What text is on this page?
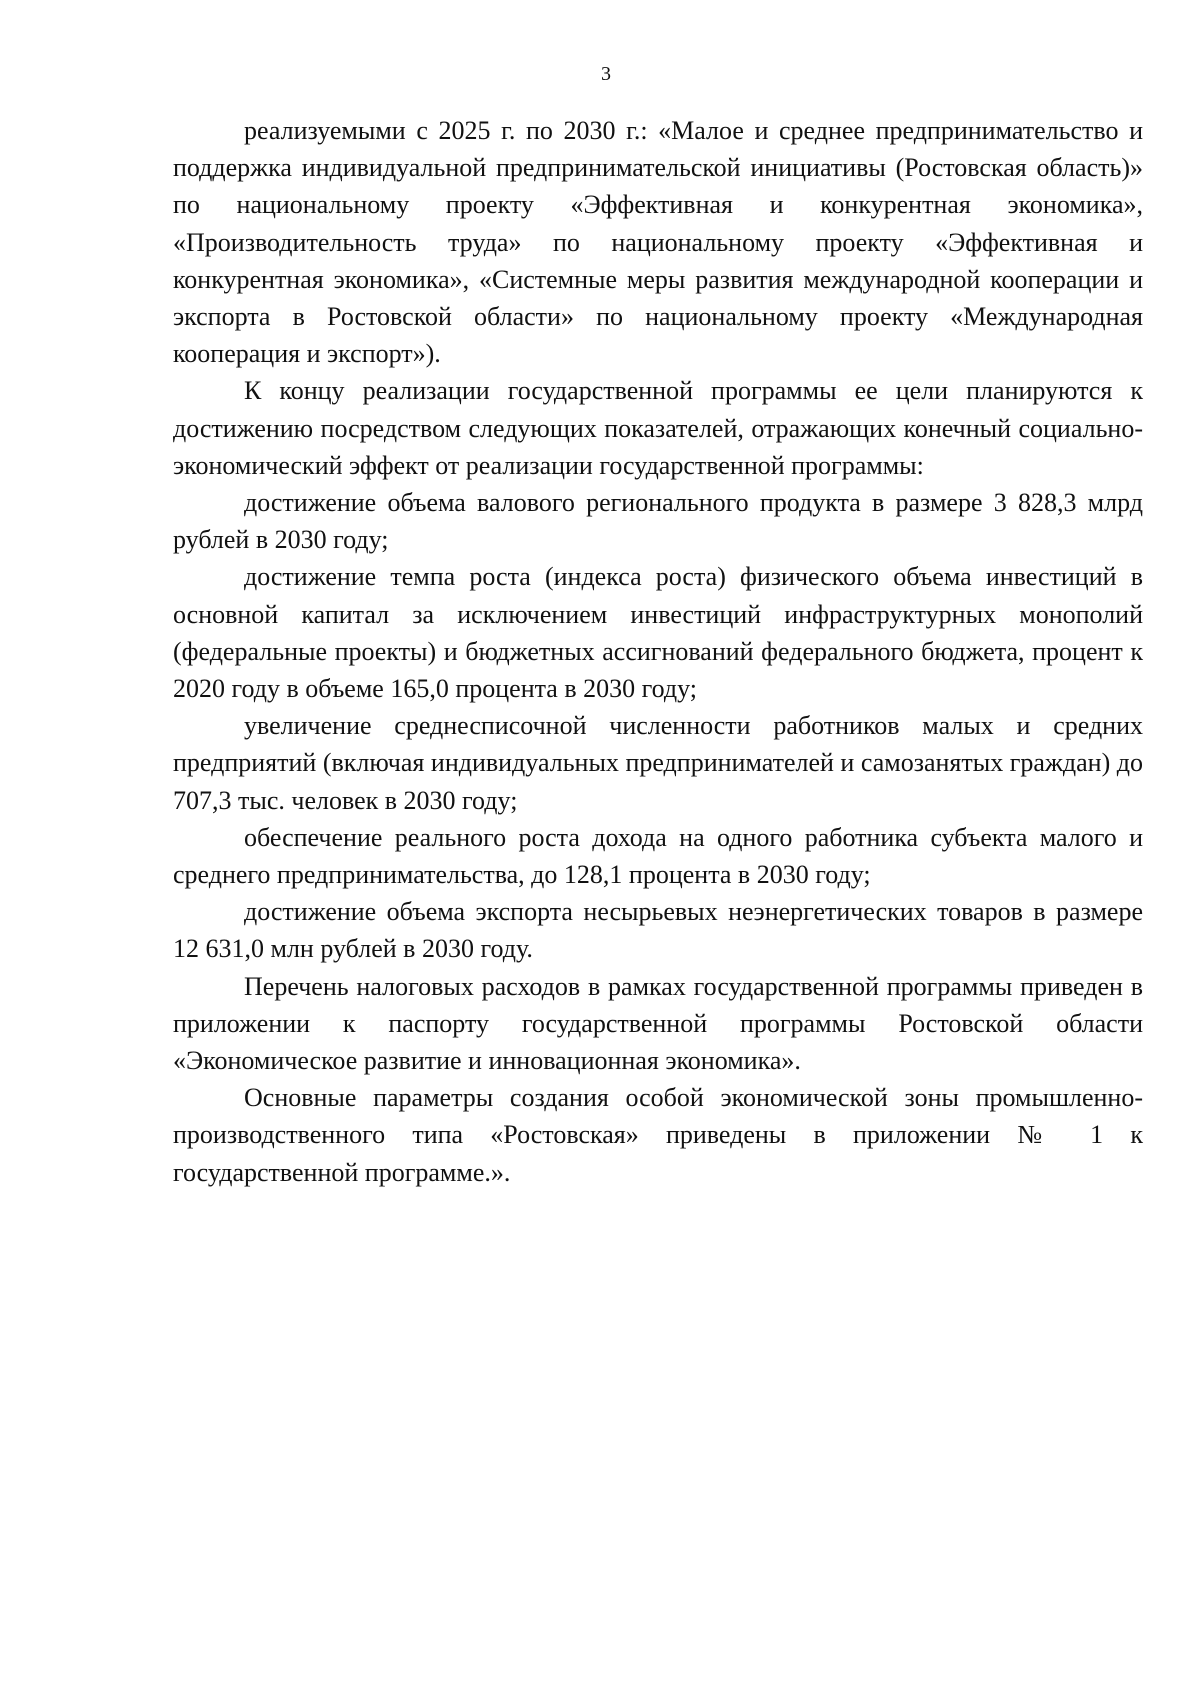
3

реализуемыми с 2025 г. по 2030 г.: «Малое и среднее предпринимательство и поддержка индивидуальной предпринимательской инициативы (Ростовская область)» по национальному проекту «Эффективная и конкурентная экономика», «Производительность труда» по национальному проекту «Эффективная и конкурентная экономика», «Системные меры развития международной кооперации и экспорта в Ростовской области» по национальному проекту «Международная кооперация и экспорт»).

К концу реализации государственной программы ее цели планируются к достижению посредством следующих показателей, отражающих конечный социально-экономический эффект от реализации государственной программы:

достижение объема валового регионального продукта в размере 3 828,3 млрд рублей в 2030 году;

достижение темпа роста (индекса роста) физического объема инвестиций в основной капитал за исключением инвестиций инфраструктурных монополий (федеральные проекты) и бюджетных ассигнований федерального бюджета, процент к 2020 году в объеме 165,0 процента в 2030 году;

увеличение среднесписочной численности работников малых и средних предприятий (включая индивидуальных предпринимателей и самозанятых граждан) до 707,3 тыс. человек в 2030 году;

обеспечение реального роста дохода на одного работника субъекта малого и среднего предпринимательства, до 128,1 процента в 2030 году;

достижение объема экспорта несырьевых неэнергетических товаров в размере 12 631,0 млн рублей в 2030 году.

Перечень налоговых расходов в рамках государственной программы приведен в приложении к паспорту государственной программы Ростовской области «Экономическое развитие и инновационная экономика».

Основные параметры создания особой экономической зоны промышленно-производственного типа «Ростовская» приведены в приложении № 1 к государственной программе.».
